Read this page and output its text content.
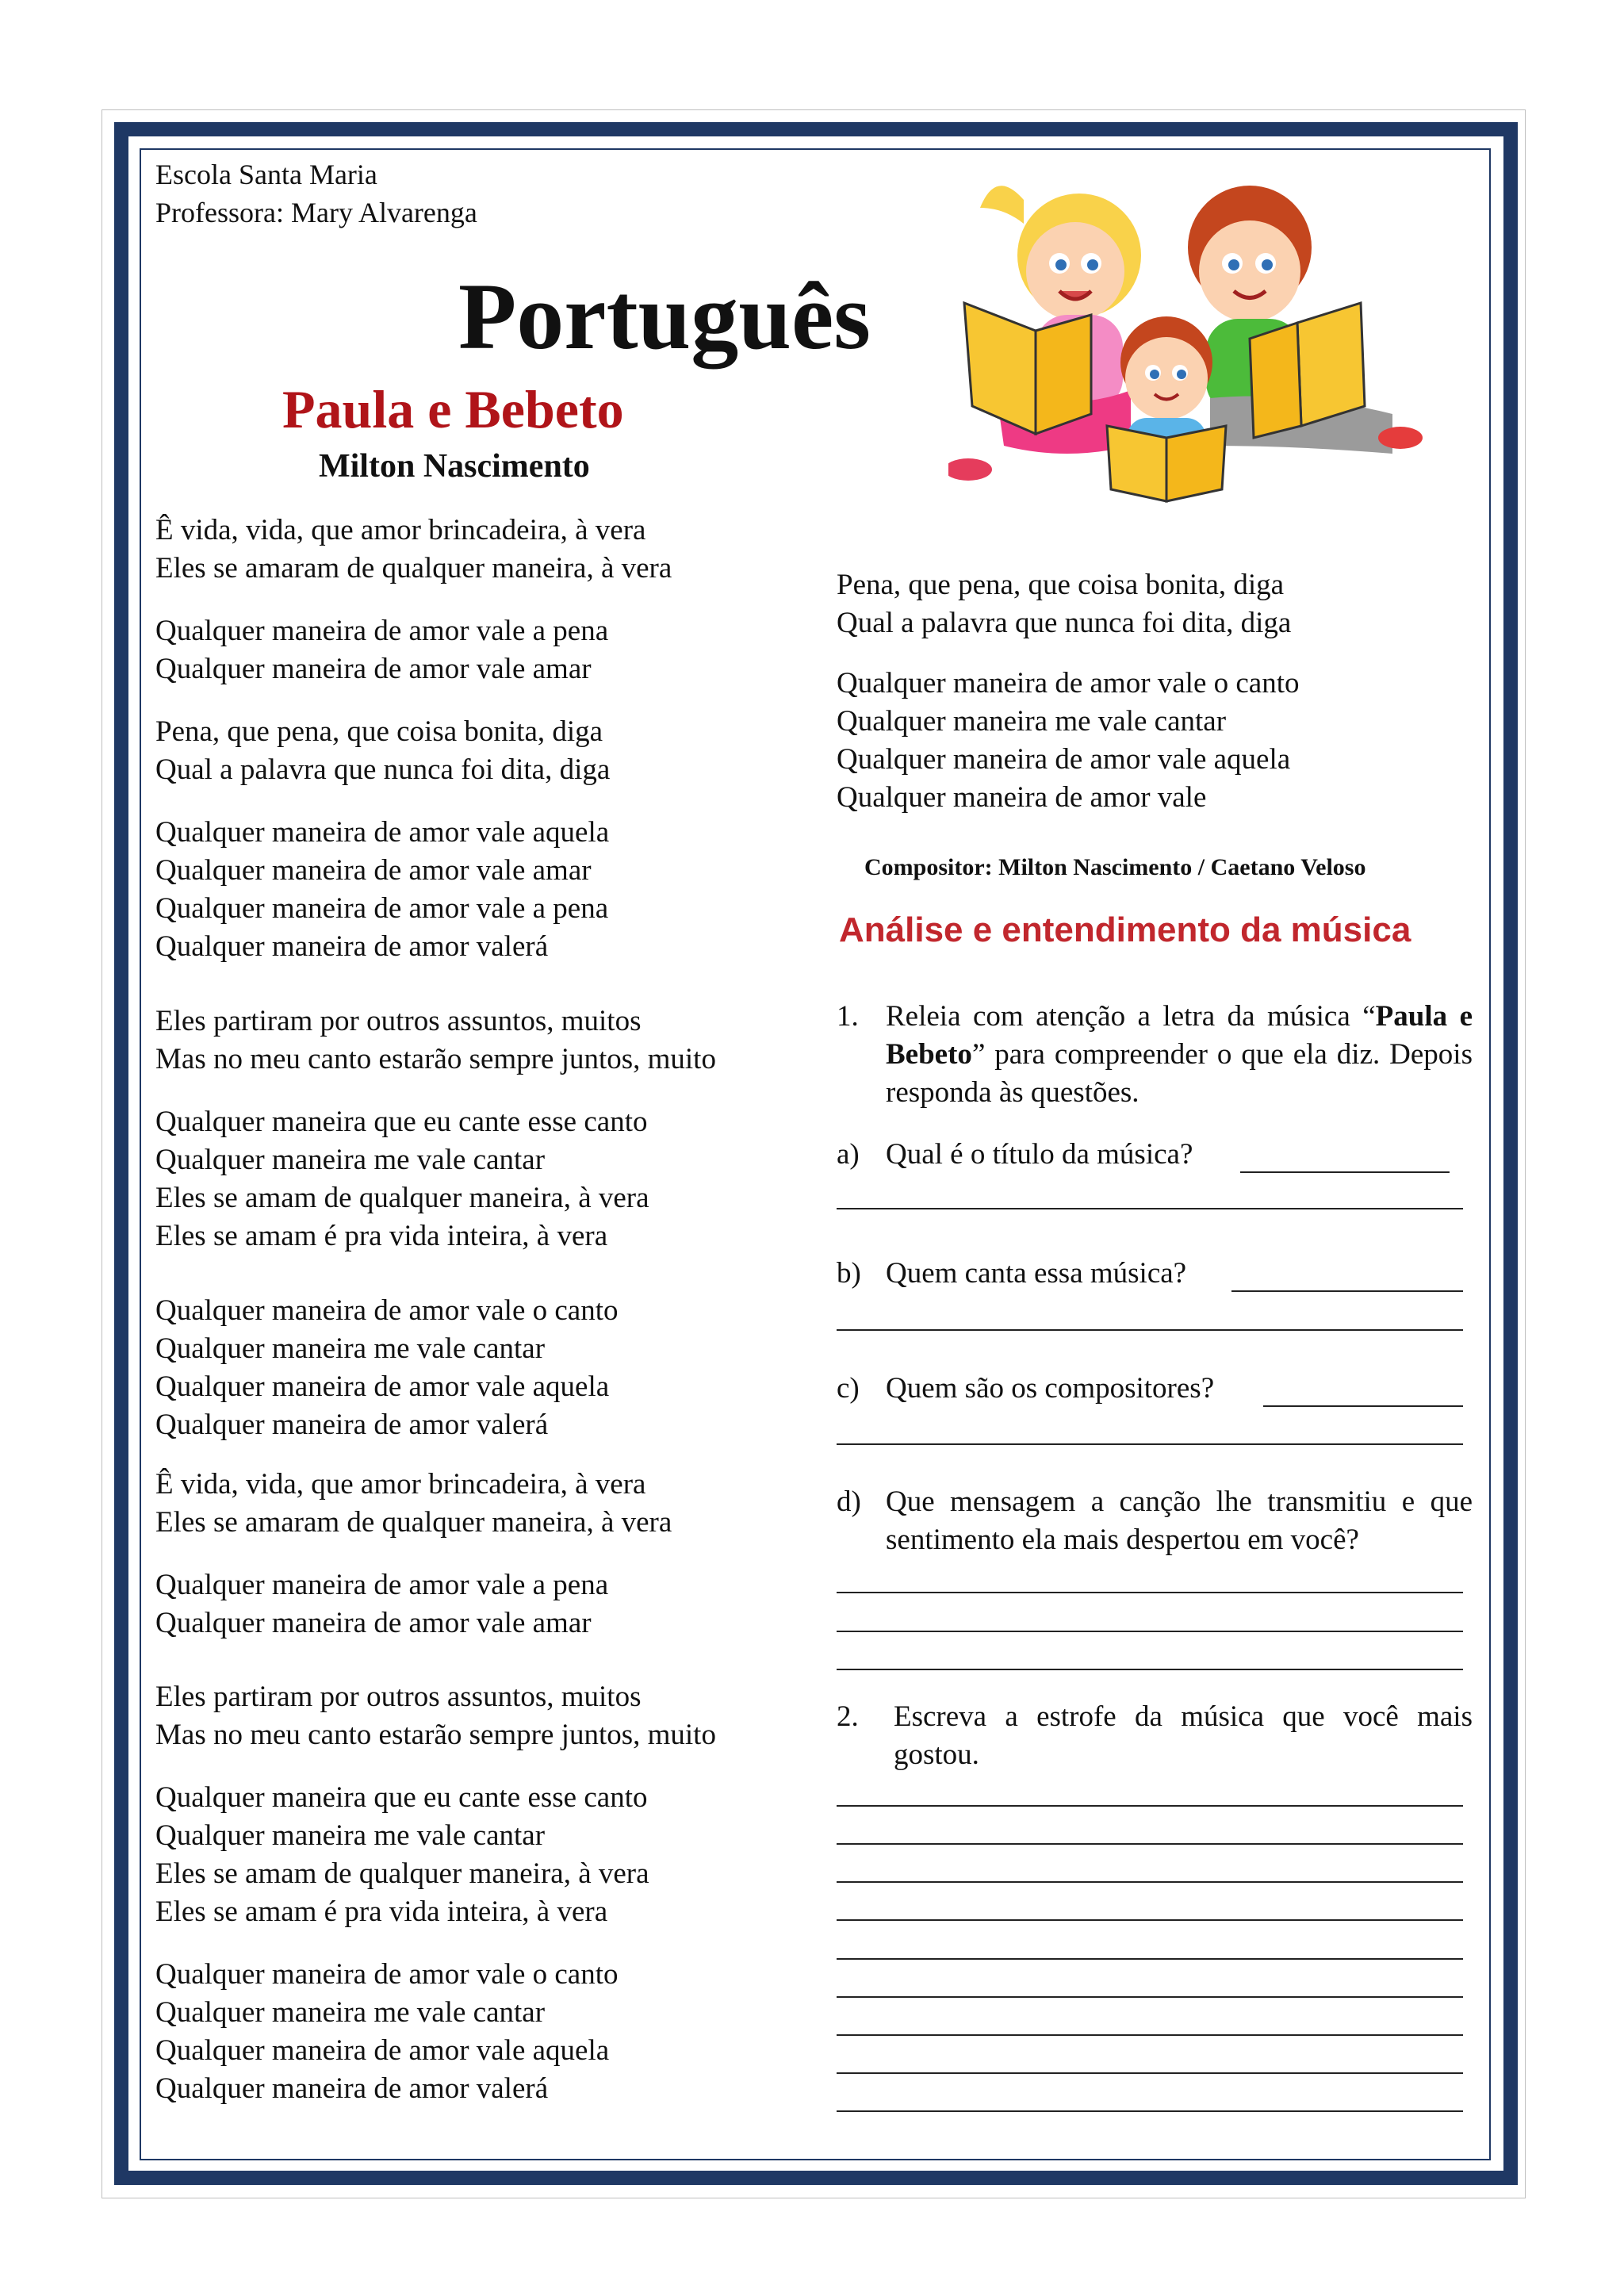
Escola Santa Maria
Professora: Mary Alvarenga
Português
Paula e Bebeto
Milton Nascimento
Ê vida, vida, que amor brincadeira, à vera
Eles se amaram de qualquer maneira, à vera
Qualquer maneira de amor vale a pena
Qualquer maneira de amor vale amar
Pena, que pena, que coisa bonita, diga
Qual a palavra que nunca foi dita, diga
Qualquer maneira de amor vale aquela
Qualquer maneira de amor vale amar
Qualquer maneira de amor vale a pena
Qualquer maneira de amor valerá
Eles partiram por outros assuntos, muitos
Mas no meu canto estarão sempre juntos, muito
Qualquer maneira que eu cante esse canto
Qualquer maneira me vale cantar
Eles se amam de qualquer maneira, à vera
Eles se amam é pra vida inteira, à vera
Qualquer maneira de amor vale o canto
Qualquer maneira me vale cantar
Qualquer maneira de amor vale aquela
Qualquer maneira de amor valerá
Ê vida, vida, que amor brincadeira, à vera
Eles se amaram de qualquer maneira, à vera
Qualquer maneira de amor vale a pena
Qualquer maneira de amor vale amar
Eles partiram por outros assuntos, muitos
Mas no meu canto estarão sempre juntos, muito
Qualquer maneira que eu cante esse canto
Qualquer maneira me vale cantar
Eles se amam de qualquer maneira, à vera
Eles se amam é pra vida inteira, à vera
Qualquer maneira de amor vale o canto
Qualquer maneira me vale cantar
Qualquer maneira de amor vale aquela
Qualquer maneira de amor valerá
Pena, que pena, que coisa bonita, diga
Qual a palavra que nunca foi dita, diga
Qualquer maneira de amor vale o canto
Qualquer maneira me vale cantar
Qualquer maneira de amor vale aquela
Qualquer maneira de amor vale
Compositor: Milton Nascimento / Caetano Veloso
Análise e entendimento da música
1. Releia com atenção a letra da música “Paula e Bebeto” para compreender o que ela diz. Depois responda às questões.
a) Qual é o título da música?
b) Quem canta essa música?
c) Quem são os compositores?
d) Que mensagem a canção lhe transmitiu e que sentimento ela mais despertou em você?
2. Escreva a estrofe da música que você mais gostou.
